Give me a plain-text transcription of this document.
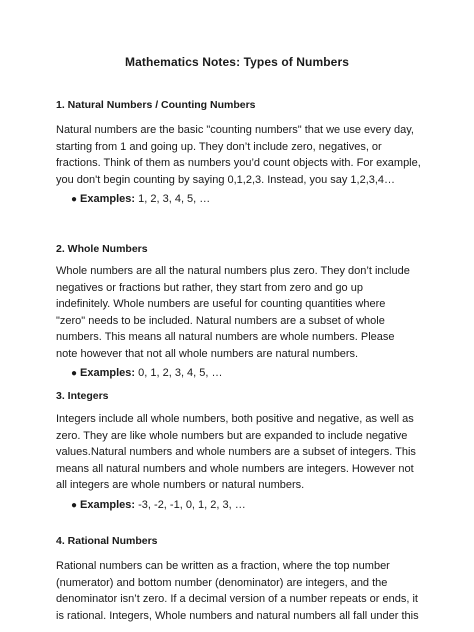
Mathematics Notes: Types of Numbers
1. Natural Numbers / Counting Numbers
Natural numbers are the basic "counting numbers" that we use every day,
starting from 1 and going up. They don’t include zero, negatives, or
fractions. Think of them as numbers you’d count objects with. For example,
you don't begin counting by saying 0,1,2,3. Instead, you say 1,2,3,4…
● Examples: 1, 2, 3, 4, 5, …
2. Whole Numbers
Whole numbers are all the natural numbers plus zero. They don’t include
negatives or fractions but rather, they start from zero and go up
indefinitely. Whole numbers are useful for counting quantities where
"zero" needs to be included. Natural numbers are a subset of whole
numbers. This means all natural numbers are whole numbers. Please
note however that not all whole numbers are natural numbers.
● Examples: 0, 1, 2, 3, 4, 5, …
3. Integers
Integers include all whole numbers, both positive and negative, as well as
zero. They are like whole numbers but are expanded to include negative
values.Natural numbers and whole numbers are a subset of integers. This
means all natural numbers and whole numbers are integers. However not
all integers are whole numbers or natural numbers.
● Examples: -3, -2, -1, 0, 1, 2, 3, …
4. Rational Numbers
Rational numbers can be written as a fraction, where the top number
(numerator) and bottom number (denominator) are integers, and the
denominator isn’t zero. If a decimal version of a number repeats or ends, it
is rational. Integers, Whole numbers and natural numbers all fall under this
